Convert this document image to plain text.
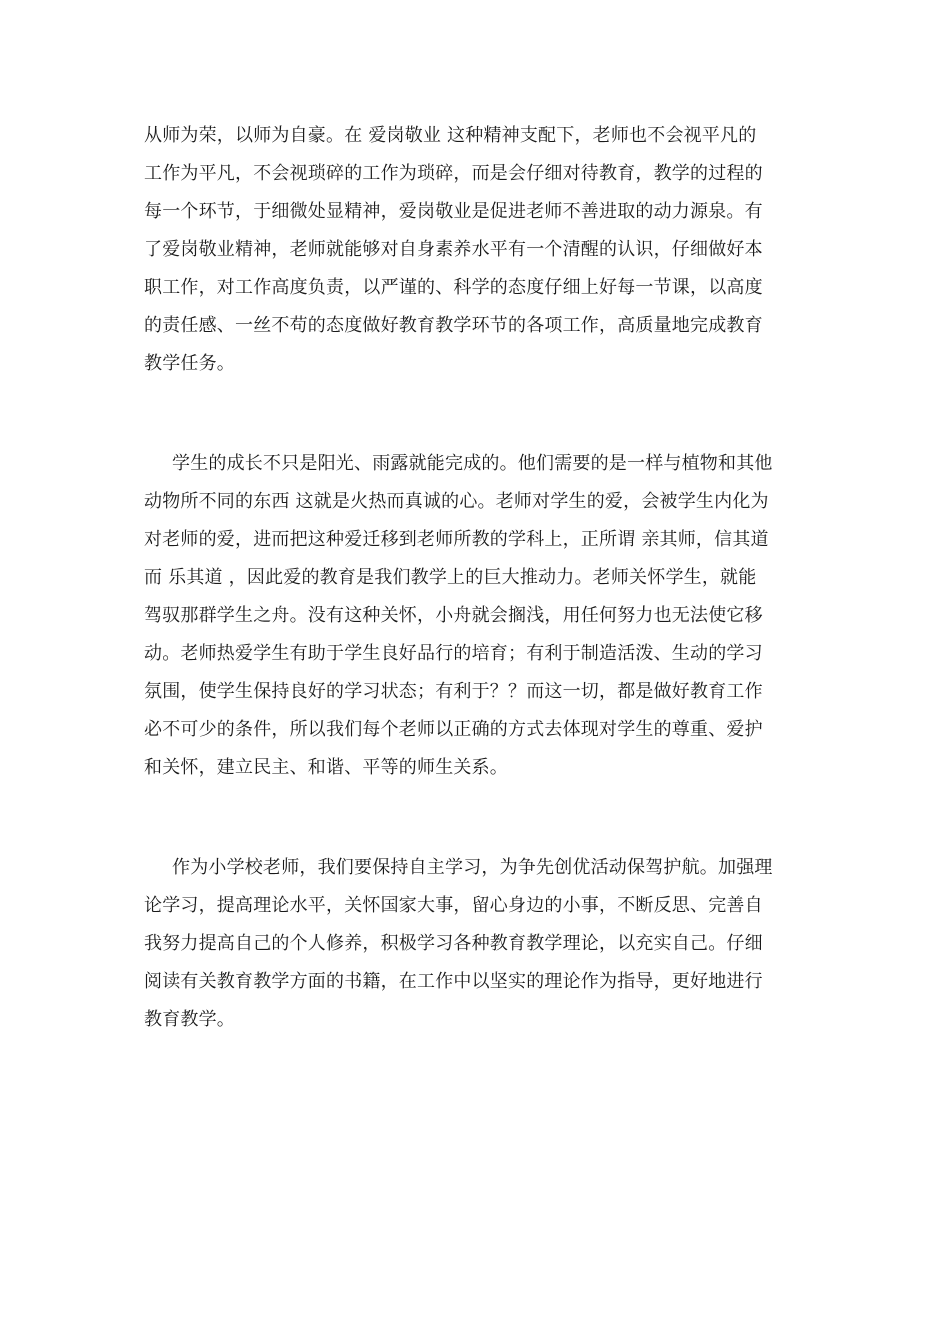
从师为荣，以师为自豪。在 爱岗敬业 这种精神支配下，老师也不会视平凡的

工作为平凡，不会视琐碎的工作为琐碎，而是会仔细对待教育，教学的过程的

每一个环节，于细微处显精神，爱岗敬业是促进老师不善进取的动力源泉。有

了爱岗敬业精神，老师就能够对自身素养水平有一个清醒的认识，仔细做好本

职工作，对工作高度负责，以严谨的、科学的态度仔细上好每一节课，以高度

的责任感、一丝不苟的态度做好教育教学环节的各项工作，高质量地完成教育

教学任务。

学生的成长不只是阳光、雨露就能完成的。他们需要的是一样与植物和其他

动物所不同的东西 这就是火热而真诚的心。老师对学生的爱，会被学生内化为

对老师的爱，进而把这种爱迁移到老师所教的学科上，正所谓 亲其师，信其道

而 乐其道 ，因此爱的教育是我们教学上的巨大推动力。老师关怀学生，就能

驾驭那群学生之舟。没有这种关怀，小舟就会搁浅，用任何努力也无法使它移

动。老师热爱学生有助于学生良好品行的培育；有利于制造活泼、生动的学习

氛围，使学生保持良好的学习状态；有利于？？而这一切，都是做好教育工作

必不可少的条件，所以我们每个老师以正确的方式去体现对学生的尊重、爱护

和关怀，建立民主、和谐、平等的师生关系。

作为小学校老师，我们要保持自主学习，为争先创优活动保驾护航。加强理

论学习，提高理论水平，关怀国家大事，留心身边的小事，不断反思、完善自

我努力提高自己的个人修养，积极学习各种教育教学理论，以充实自己。仔细

阅读有关教育教学方面的书籍，在工作中以坚实的理论作为指导，更好地进行

教育教学。
